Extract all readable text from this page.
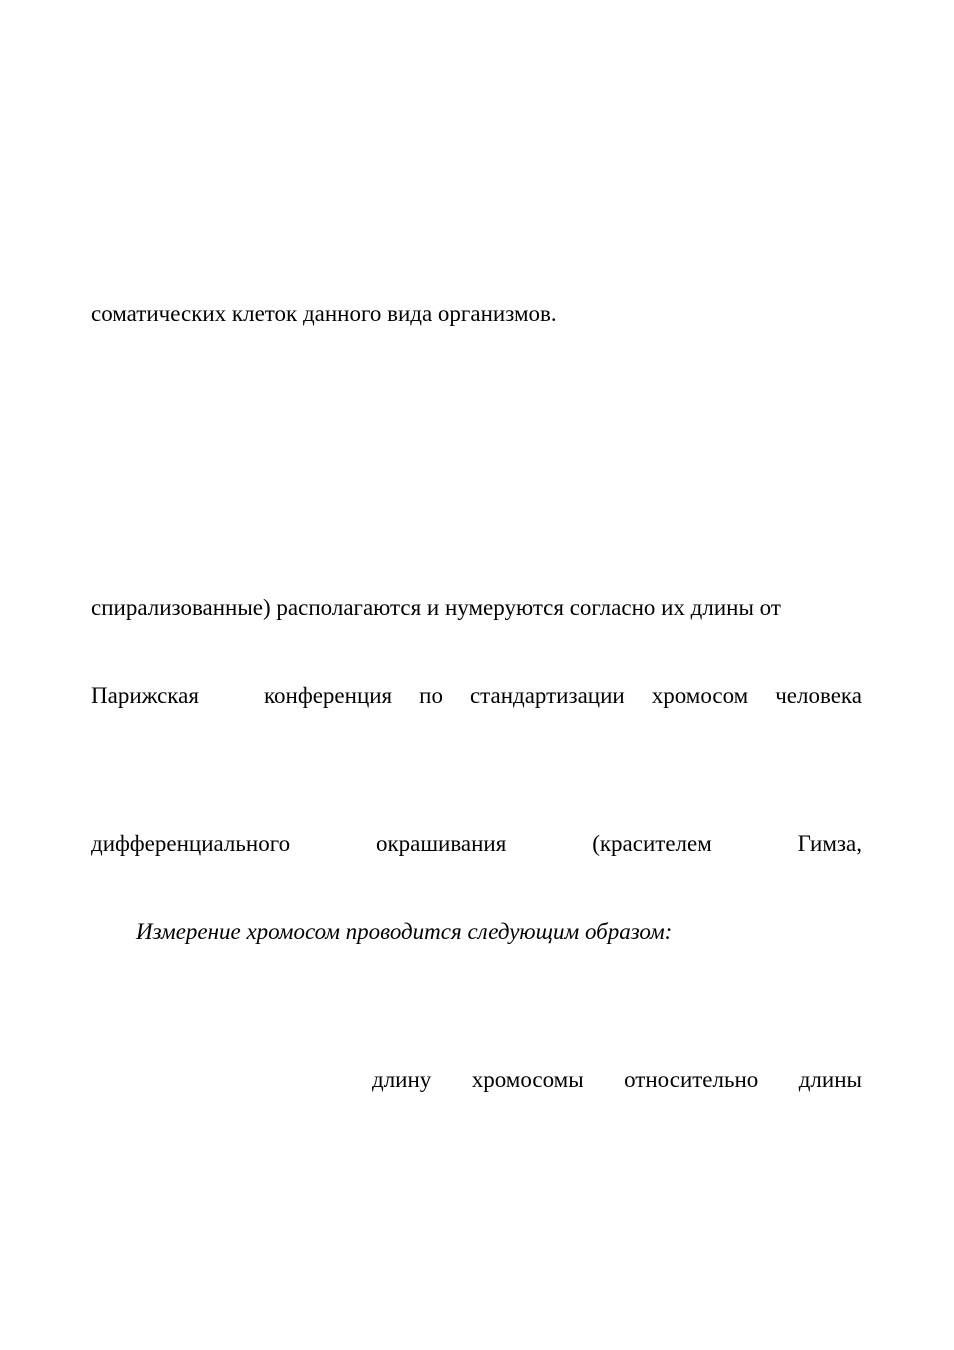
соматических клеток данного вида организмов.
спирализованные) располагаются и нумеруются согласно их длины от
Парижская	конференция по стандартизации хромосом человека
дифференциального	окрашивания	(красителем	Гимза,
Измерение хромосом проводится следующим образом:
длину хромосомы относительно длины
